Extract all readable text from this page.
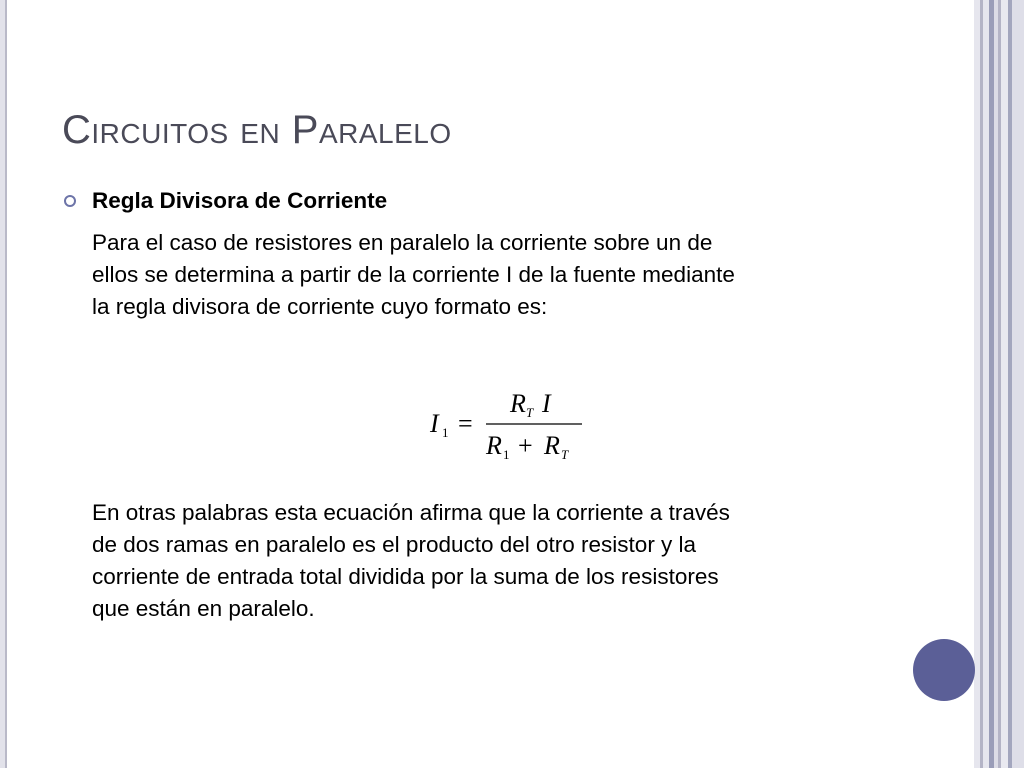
Circuitos en Paralelo
Regla Divisora de Corriente
Para el caso de resistores en paralelo la corriente sobre un de
ellos se determina a partir de la corriente I de la fuente mediante
la regla divisora de corriente cuyo formato es:
I 1 =
R T I
R 1 + R T
En otras palabras esta ecuación afirma que la corriente a través
de dos ramas en paralelo es el producto del otro resistor y la
corriente de entrada total dividida por la suma de los resistores
que están en paralelo.
